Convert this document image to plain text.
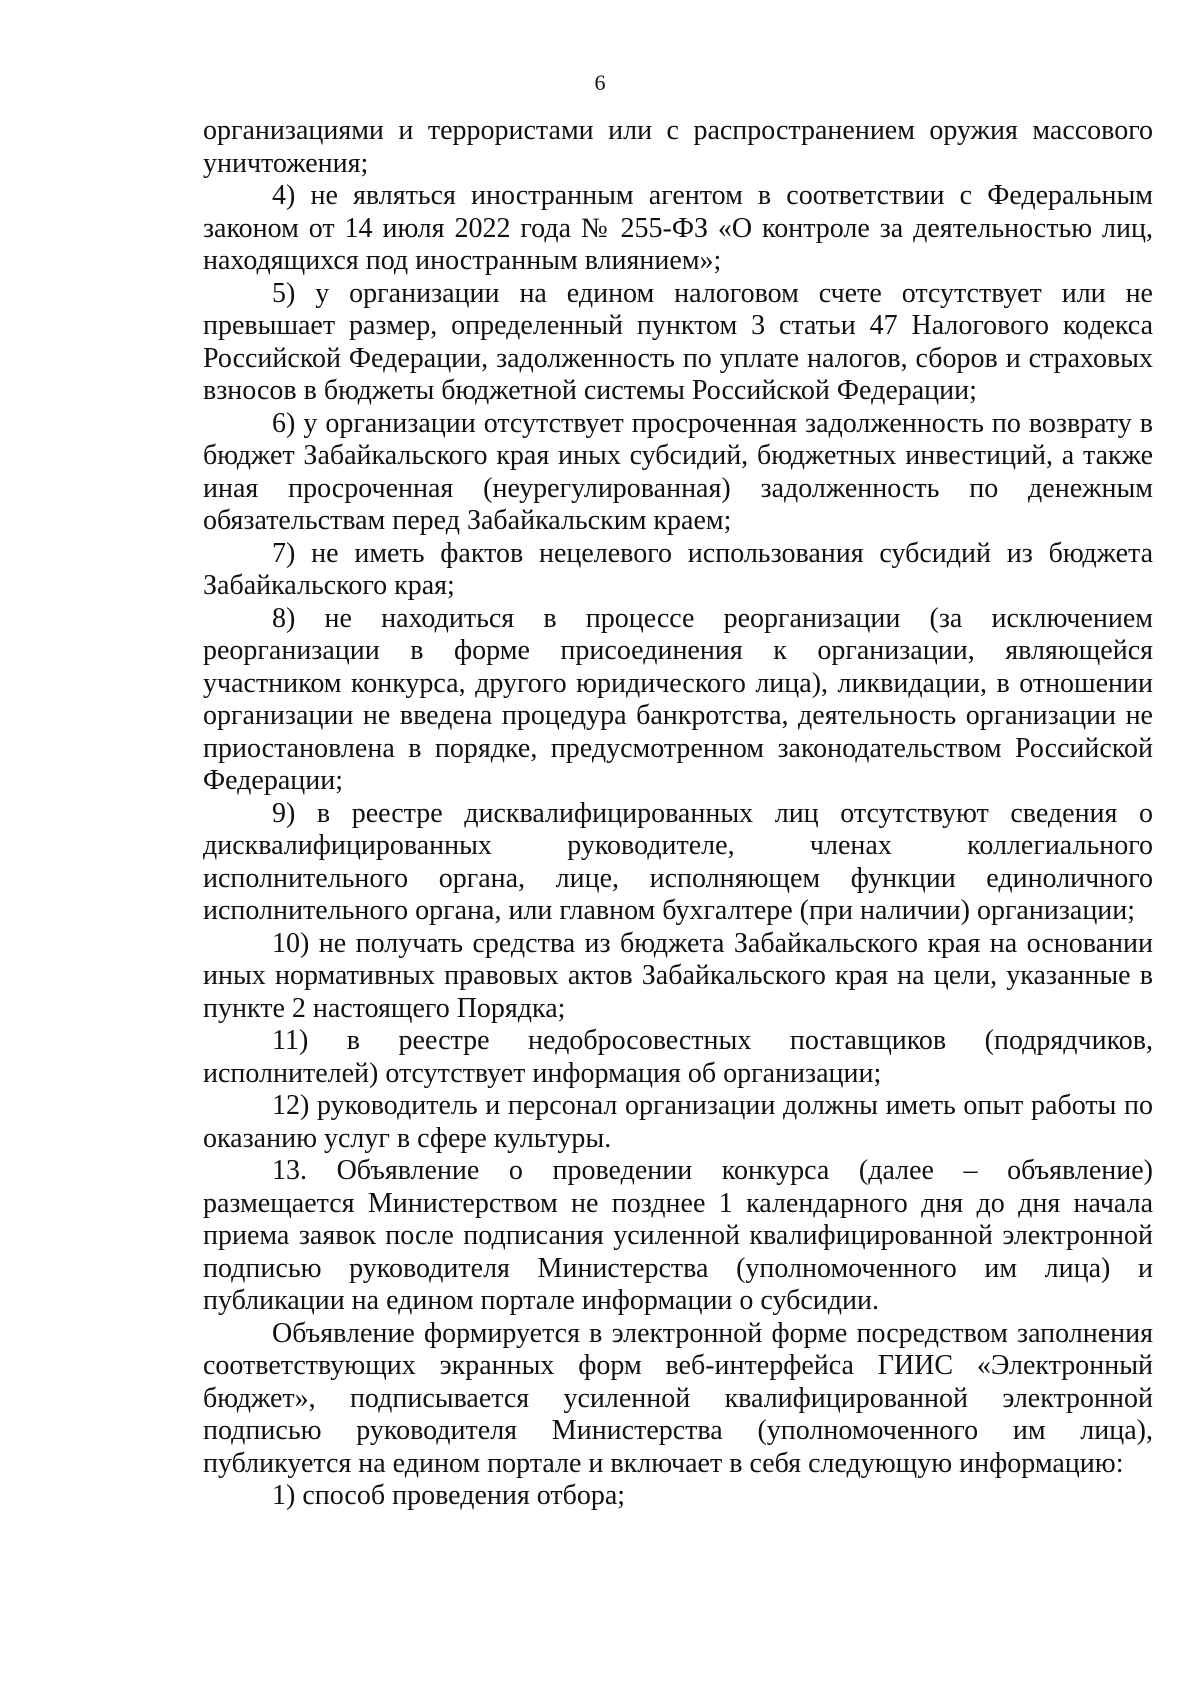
6

организациями и террористами или с распространением оружия массового уничтожения;

4) не являться иностранным агентом в соответствии с Федеральным законом от 14 июля 2022 года № 255-ФЗ «О контроле за деятельностью лиц, находящихся под иностранным влиянием»;

5) у организации на едином налоговом счете отсутствует или не превышает размер, определенный пунктом 3 статьи 47 Налогового кодекса Российской Федерации, задолженность по уплате налогов, сборов и страховых взносов в бюджеты бюджетной системы Российской Федерации;

6) у организации отсутствует просроченная задолженность по возврату в бюджет Забайкальского края иных субсидий, бюджетных инвестиций, а также иная просроченная (неурегулированная) задолженность по денежным обязательствам перед Забайкальским краем;

7) не иметь фактов нецелевого использования субсидий из бюджета Забайкальского края;

8) не находиться в процессе реорганизации (за исключением реорганизации в форме присоединения к организации, являющейся участником конкурса, другого юридического лица), ликвидации, в отношении организации не введена процедура банкротства, деятельность организации не приостановлена в порядке, предусмотренном законодательством Российской Федерации;

9) в реестре дисквалифицированных лиц отсутствуют сведения о дисквалифицированных руководителе, членах коллегиального исполнительного органа, лице, исполняющем функции единоличного исполнительного органа, или главном бухгалтере (при наличии) организации;

10) не получать средства из бюджета Забайкальского края на основании иных нормативных правовых актов Забайкальского края на цели, указанные в пункте 2 настоящего Порядка;

11) в реестре недобросовестных поставщиков (подрядчиков, исполнителей) отсутствует информация об организации;

12) руководитель и персонал организации должны иметь опыт работы по оказанию услуг в сфере культуры.

13. Объявление о проведении конкурса (далее – объявление) размещается Министерством не позднее 1 календарного дня до дня начала приема заявок после подписания усиленной квалифицированной электронной подписью руководителя Министерства (уполномоченного им лица) и публикации на едином портале информации о субсидии.

Объявление формируется в электронной форме посредством заполнения соответствующих экранных форм веб-интерфейса ГИИС «Электронный бюджет», подписывается усиленной квалифицированной электронной подписью руководителя Министерства (уполномоченного им лица), публикуется на едином портале и включает в себя следующую информацию:

1) способ проведения отбора;
